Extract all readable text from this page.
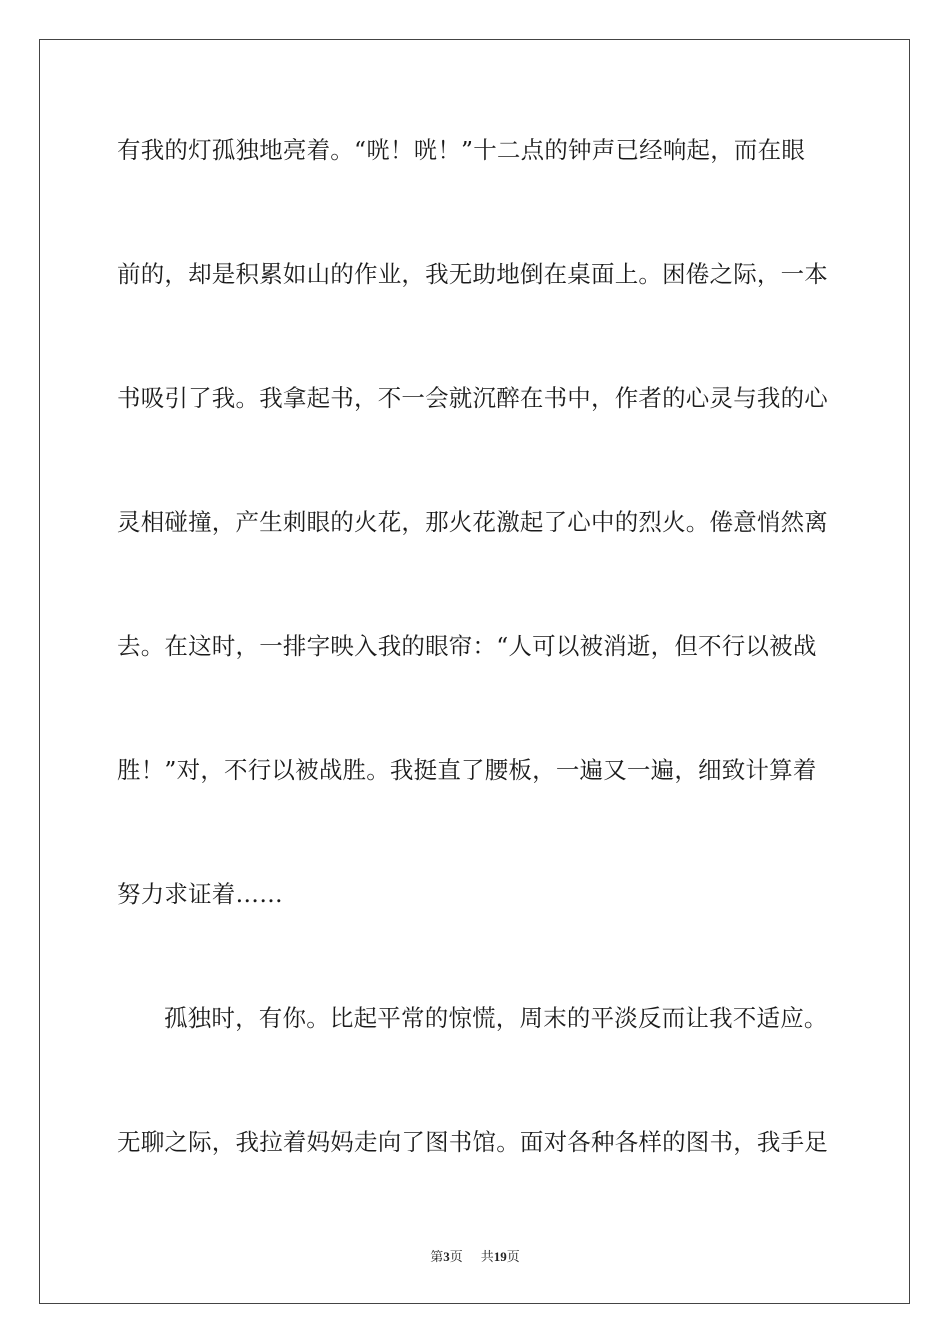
有我的灯孤独地亮着。“咣！咣！”十二点的钟声已经响起，而在眼
前的，却是积累如山的作业，我无助地倒在桌面上。困倦之际，一本
书吸引了我。我拿起书，不一会就沉醉在书中，作者的心灵与我的心
灵相碰撞，产生刺眼的火花，那火花激起了心中的烈火。倦意悄然离
去。在这时，一排字映入我的眼帘：“人可以被消逝，但不行以被战
胜！”对，不行以被战胜。我挺直了腰板，一遍又一遍，细致计算着
努力求证着……
孤独时，有你。比起平常的惊慌，周末的平淡反而让我不适应。
无聊之际，我拉着妈妈走向了图书馆。面对各种各样的图书，我手足
第3页 共19页
